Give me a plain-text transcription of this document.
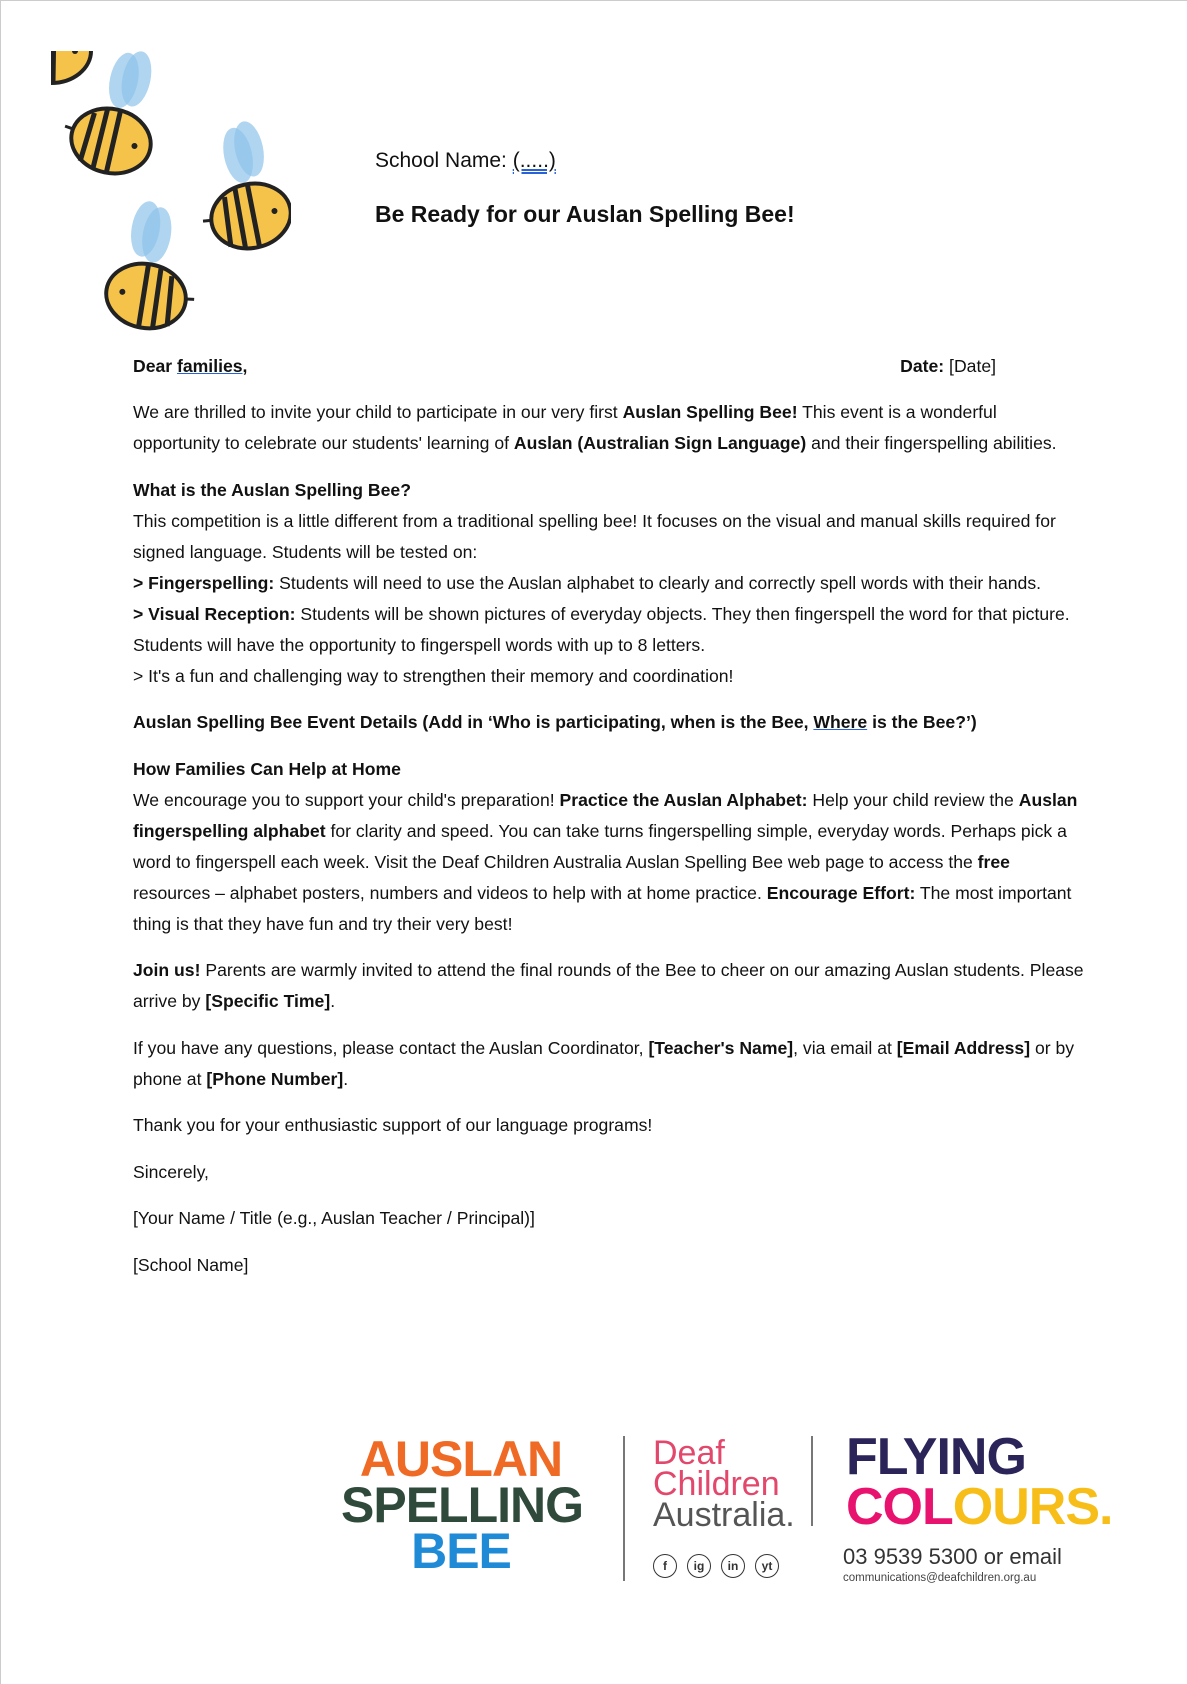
School Name: (.....)
Be Ready for our Auslan Spelling Bee!
Dear families,	Date: [Date]

We are thrilled to invite your child to participate in our very first Auslan Spelling Bee! This event is a wonderful opportunity to celebrate our students' learning of Auslan (Australian Sign Language) and their fingerspelling abilities.

What is the Auslan Spelling Bee?
This competition is a little different from a traditional spelling bee! It focuses on the visual and manual skills required for signed language. Students will be tested on:
> Fingerspelling: Students will need to use the Auslan alphabet to clearly and correctly spell words with their hands.
> Visual Reception: Students will be shown pictures of everyday objects. They then fingerspell the word for that picture. Students will have the opportunity to fingerspell words with up to 8 letters.
> It's a fun and challenging way to strengthen their memory and coordination!

Auslan Spelling Bee Event Details (Add in ‘Who is participating, when is the Bee, Where is the Bee?’)

How Families Can Help at Home
We encourage you to support your child's preparation! Practice the Auslan Alphabet: Help your child review the Auslan fingerspelling alphabet for clarity and speed. You can take turns fingerspelling simple, everyday words. Perhaps pick a word to fingerspell each week. Visit the Deaf Children Australia Auslan Spelling Bee web page to access the free resources – alphabet posters, numbers and videos to help with at home practice. Encourage Effort: The most important thing is that they have fun and try their very best!

Join us! Parents are warmly invited to attend the final rounds of the Bee to cheer on our amazing Auslan students. Please arrive by [Specific Time].

If you have any questions, please contact the Auslan Coordinator, [Teacher's Name], via email at [Email Address] or by phone at [Phone Number].

Thank you for your enthusiastic support of our language programs!

Sincerely,

[Your Name / Title (e.g., Auslan Teacher / Principal)]

[School Name]

AUSLAN
SPELLING
BEE
Deaf
Children
Australia.
f	ig	in	yt
FLYING
COLOURS.
03 9539 5300 or email
communications@deafchildren.org.au
